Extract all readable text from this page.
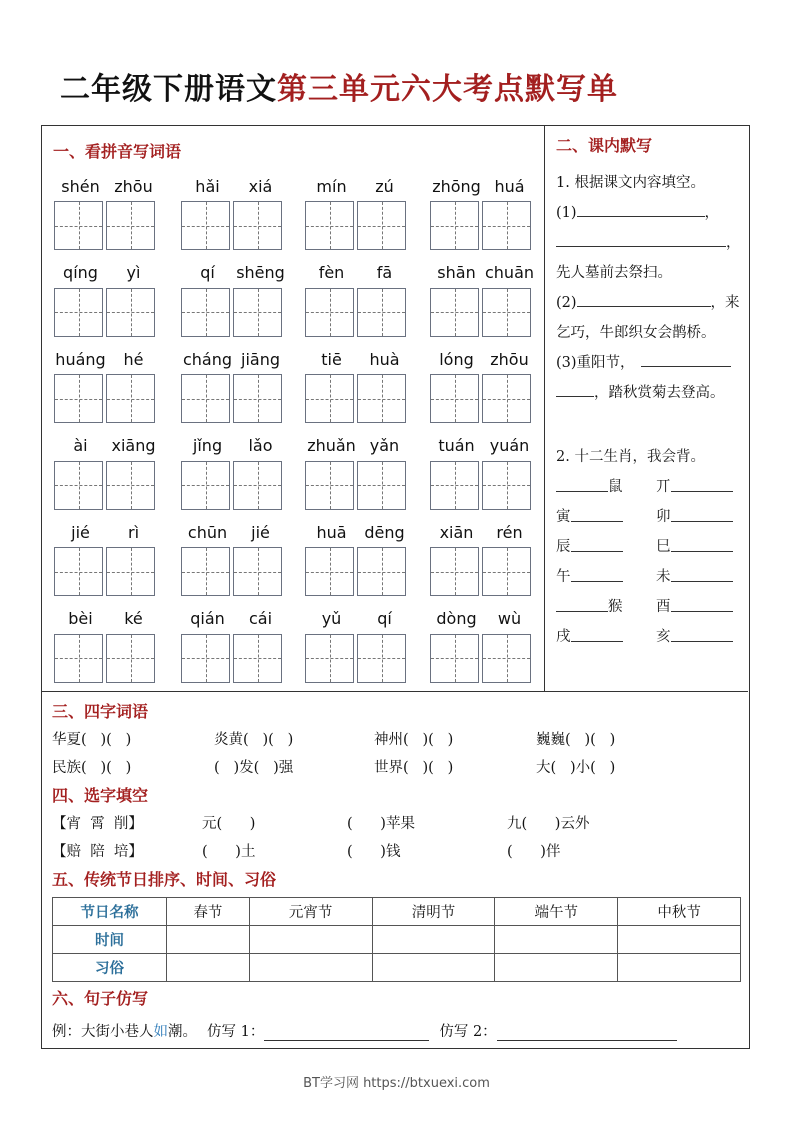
二年级下册语文第三单元六大考点默写单
一、看拼音写词语
shén zhōu	hǎi	xiá	mín	zú	zhōng huá
qíng	yì	qí	shēng	fèn	fā	shān chuān
huáng	hé	cháng jiāng	tiē	huà	lóng	zhōu
ài	xiāng	jǐng	lǎo	zhuǎn yǎn	tuán yuán
jié	rì	chūn	jié	huā	dēng	xiān	rén
bèi	ké	qián	cái	yǔ	qí	dòng	wù
二、课内默写
1. 根据课文内容填空。
(1)	，
，
先人墓前去祭扫。
(2)	，来
乞巧，牛郎织女会鹊桥。
(3)重阳节，
，踏秋赏菊去登高。
2. 十二生肖，我会背。
鼠 丌
寅	卯
辰	巳
午	未
猴 酉
戌	亥
三、四字词语
华夏(   )(   )	炎黄(   )(   )	神州(   )(   )	巍巍(   )(   )
民族(   )(   )	(   )发(   )强	世界(   )(   )	大(   )小(   )
四、选字填空
【宵  霄  削】	元(      )	(      )苹果	九(      )云外
【赔  陪  培】	(      )土	(      )钱	(      )伴
五、传统节日排序、时间、习俗
节日名称	春节	元宵节	清明节	端午节	中秋节
时间					
习俗					
六、句子仿写
例：大街小巷人 如 潮。 仿写 1：	仿写 2：
BT学习网 https://btxuexi.com
